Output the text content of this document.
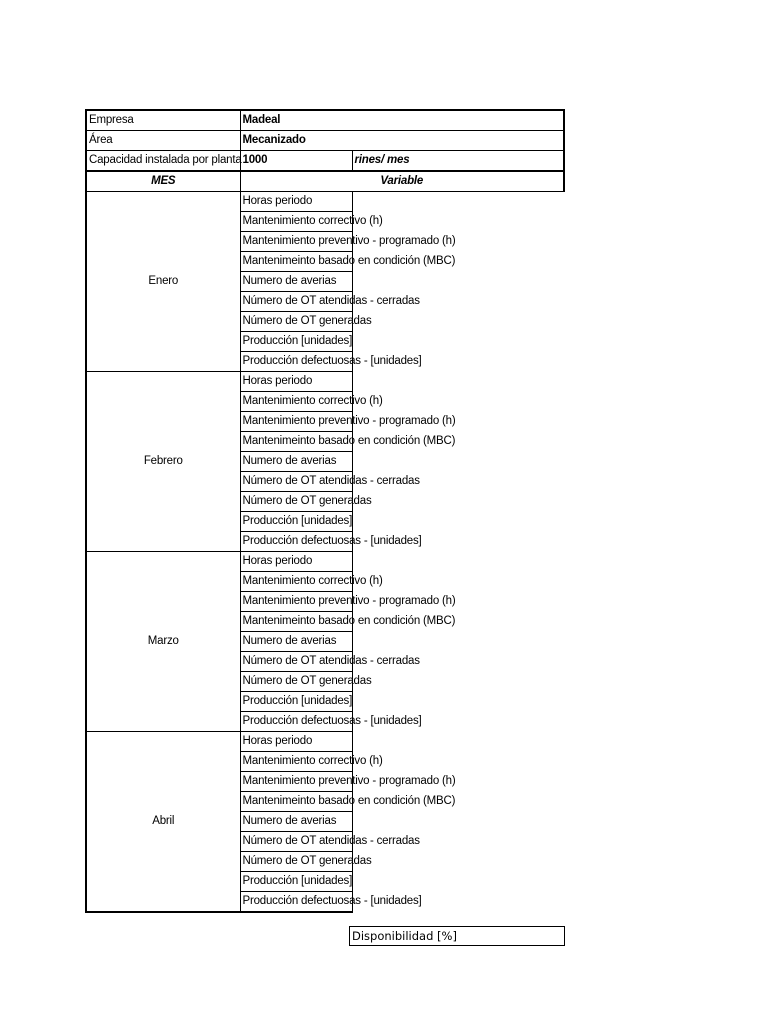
Empresa	Madeal	
Área	Mecanizado	
Capacidad instalada por planta	1000	rines/ mes
MES	Variable	
Enero	Horas periodo	
	Mantenimiento correctivo (h)	
	Mantenimiento preventivo - programado (h)	
	Mantenimeinto basado en condición (MBC)	
	Numero de averias	
	Número de OT atendidas - cerradas	
	Número de OT generadas	
	Producción [unidades]	
	Producción defectuosas - [unidades]	
Febrero	Horas periodo	
	Mantenimiento correctivo (h)	
	Mantenimiento preventivo - programado (h)	
	Mantenimeinto basado en condición (MBC)	
	Numero de averias	
	Número de OT atendidas - cerradas	
	Número de OT generadas	
	Producción [unidades]	
	Producción defectuosas - [unidades]	
Marzo	Horas periodo	
	Mantenimiento correctivo (h)	
	Mantenimiento preventivo - programado (h)	
	Mantenimeinto basado en condición (MBC)	
	Numero de averias	
	Número de OT atendidas - cerradas	
	Número de OT generadas	
	Producción [unidades]	
	Producción defectuosas - [unidades]	
Abril	Horas periodo	
	Mantenimiento correctivo (h)	
	Mantenimiento preventivo - programado (h)	
	Mantenimeinto basado en condición (MBC)	
	Numero de averias	
	Número de OT atendidas - cerradas	
	Número de OT generadas	
	Producción [unidades]	
	Producción defectuosas - [unidades]	
Disponibilidad [%]
